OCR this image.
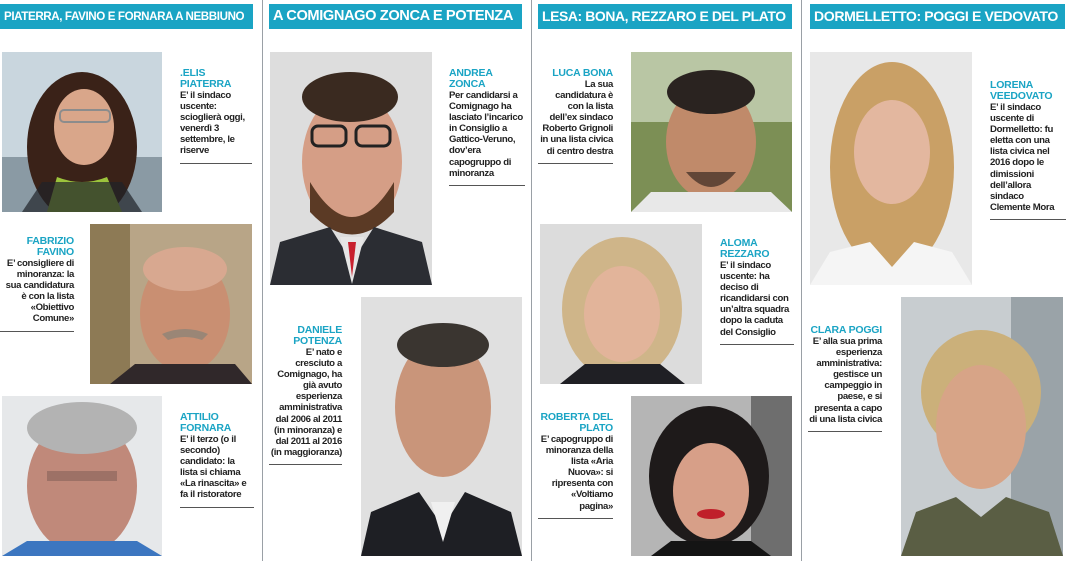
PIATERRA, FAVINO E FORNARA A NEBBIUNO
.ELIS PIATERRA
E’ il sindaco uscente: scioglierà oggi, venerdì 3 settembre, le riserve
FABRIZIO FAVINO
E’ consigliere di minoranza: la sua candidatura è con la lista «Obiettivo Comune»
ATTILIO FORNARA
E’ il terzo (o il secondo) candidato: la lista si chiama «La rinascita» e fa il ristoratore
A COMIGNAGO ZONCA E POTENZA
ANDREA ZONCA
Per candidarsi a Comignago ha lasciato l’incarico in Consiglio a Gattico-Veruno, dov’era capogruppo di minoranza
DANIELE POTENZA
E’ nato e cresciuto a Comignago, ha già avuto esperienza amministrativa dal 2006 al 2011 (in minoranza) e dal 2011 al 2016 (in maggioranza)
LESA: BONA, REZZARO E DEL PLATO
LUCA BONA
La sua candidatura è con la lista dell’ex sindaco Roberto Grignoli in una lista civica di centro destra
ALOMA REZZARO
E’ il sindaco uscente: ha deciso di ricandidarsi con un’altra squadra dopo la caduta del Consiglio
ROBERTA DEL PLATO
E’ capogruppo di minoranza della lista «Aria Nuova»: si ripresenta con «Voltiamo pagina»
DORMELLETTO: POGGI E VEDOVATO
LORENA VEEDOVATO
E’ il sindaco uscente di Dormelletto: fu eletta con una lista civica nel 2016 dopo le dimissioni dell’allora sindaco Clemente Mora
CLARA POGGI
E’ alla sua prima esperienza amministrativa: gestisce un campeggio in paese, e si presenta a capo di una lista civica
